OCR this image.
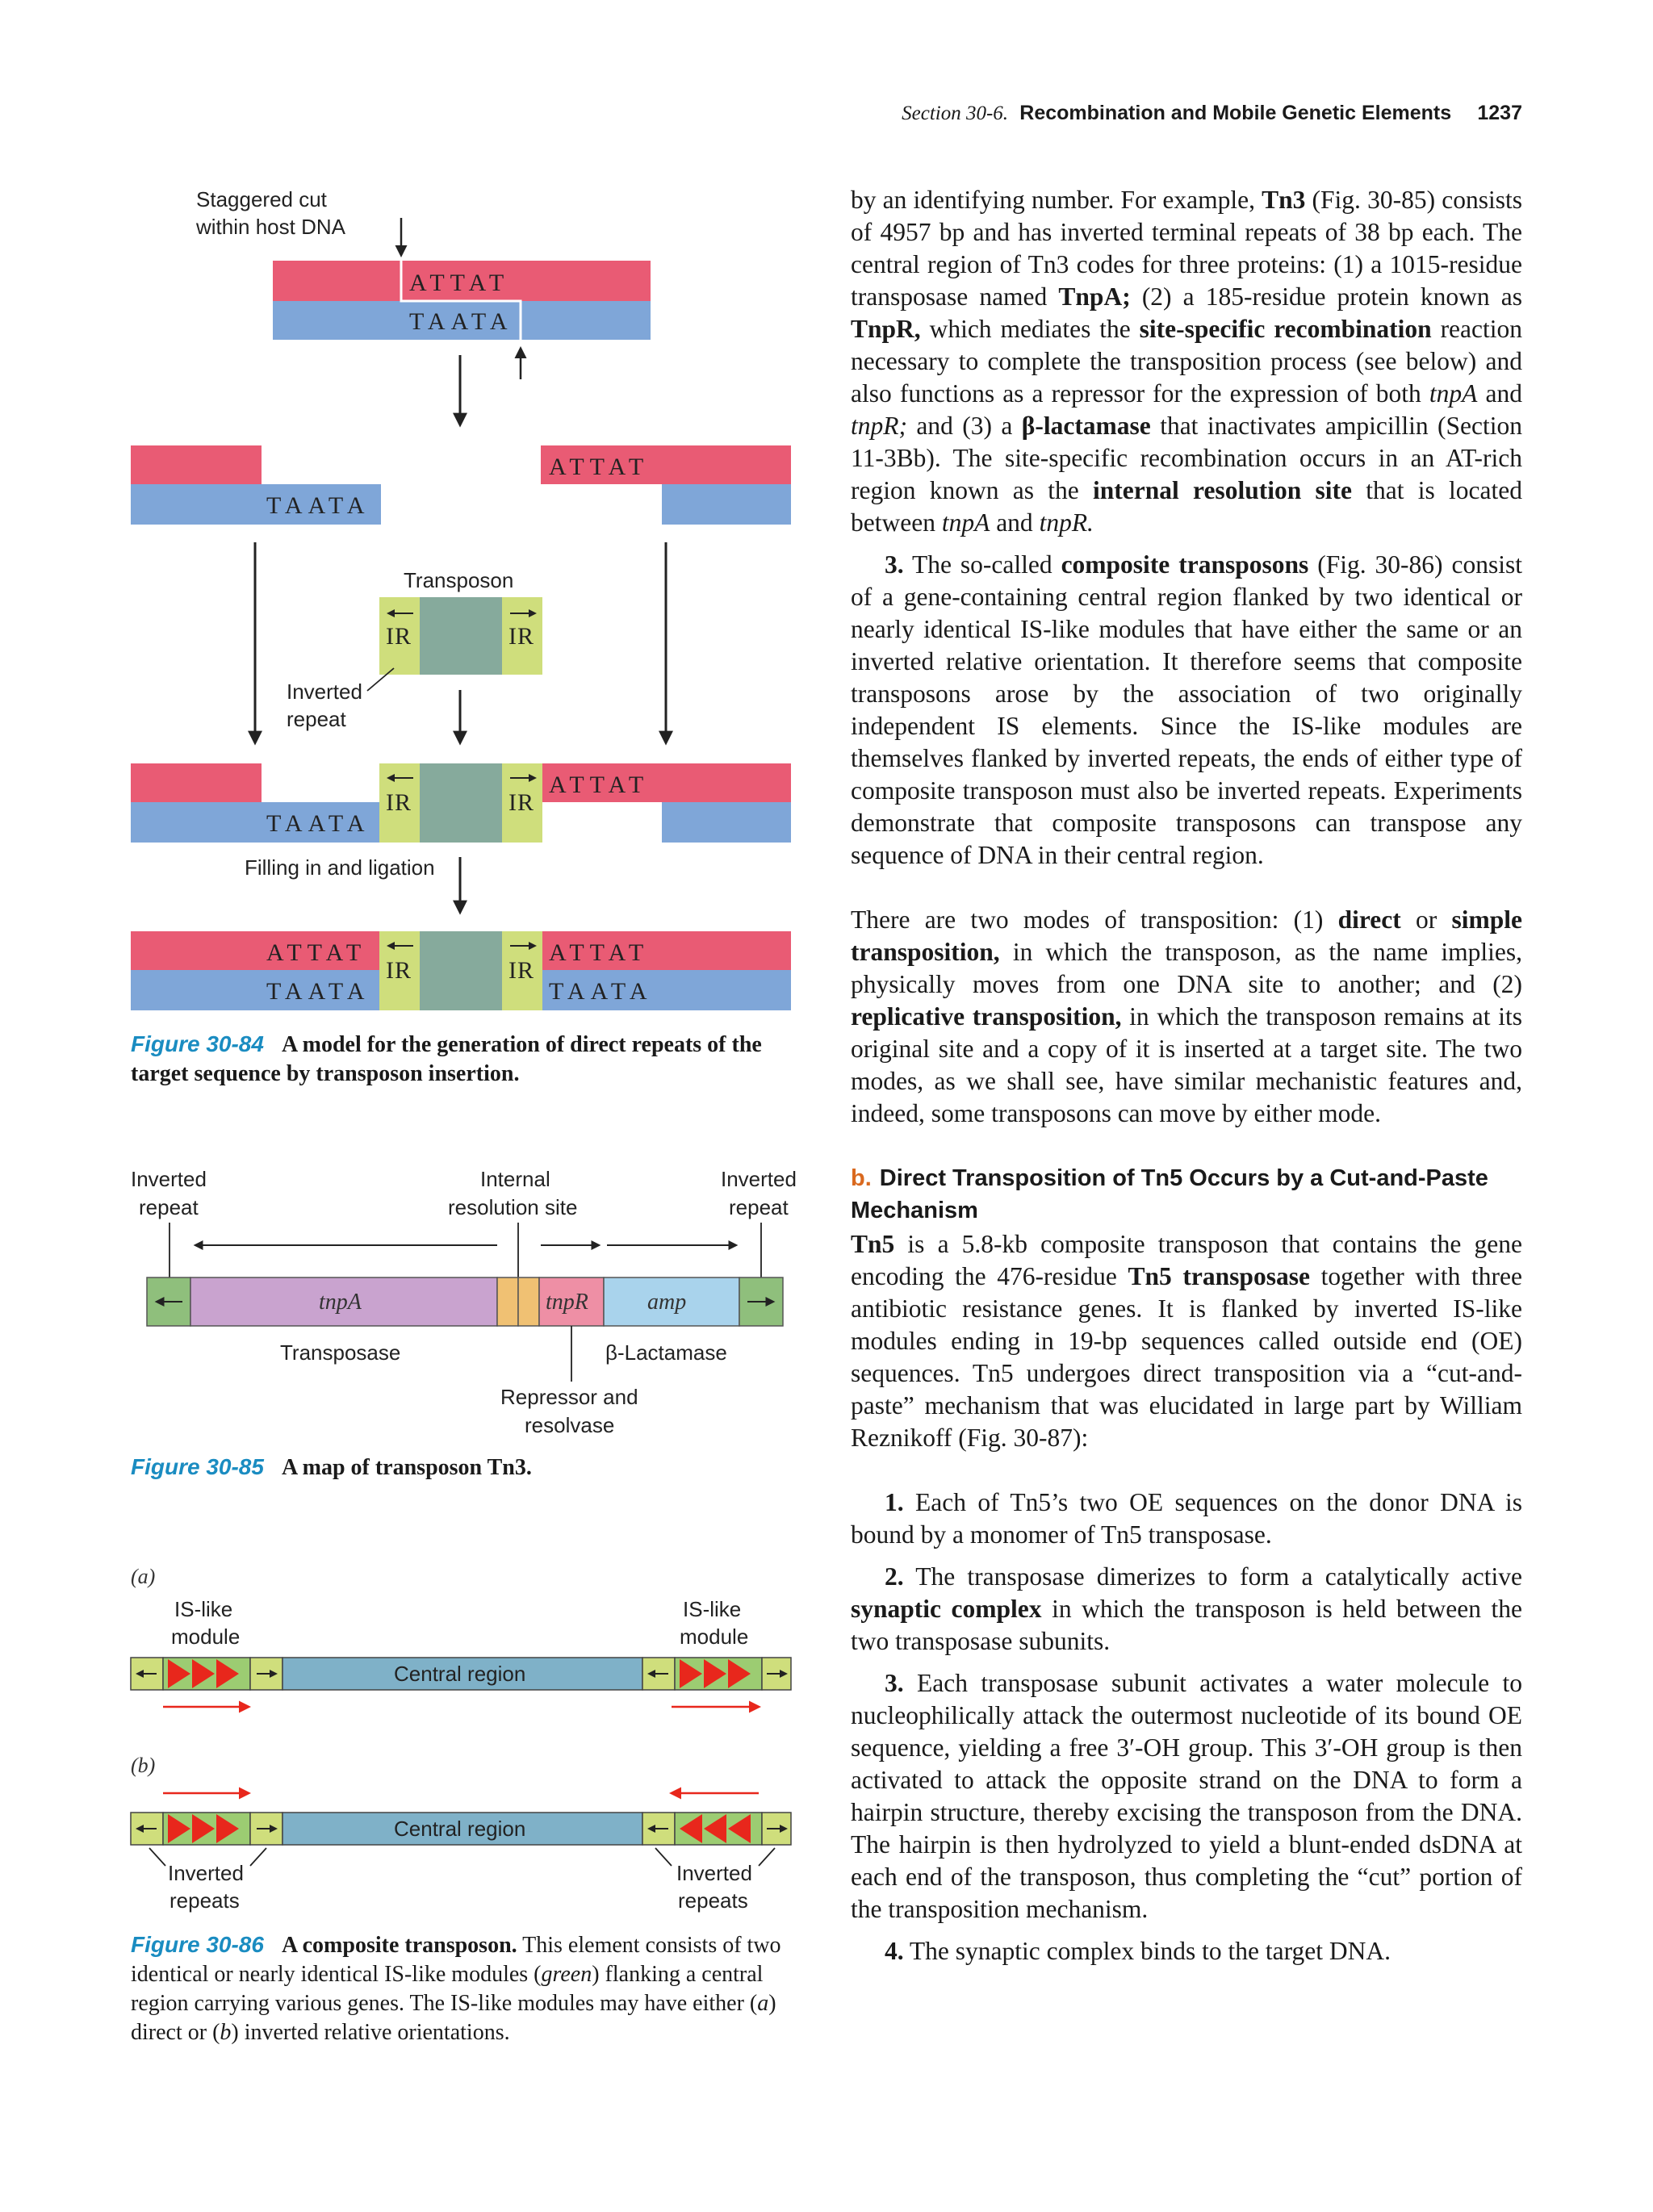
Section 30-6. Recombination and Mobile Genetic Elements 1237
Staggered cut
within host DNA
ATTAT
TAATA
TAATA
ATTAT
Transposon
IR	IR
Inverted
repeat
TAATA
IR	IR
ATTAT
Filling in and ligation
ATTAT
TAATA
IR	IR
ATTAT
TAATA
Figure 30-84 A model for the generation of direct repeats of the target sequence by transposon insertion.
Inverted
repeat
Internal
resolution site
Inverted
repeat
tnpA	tnpR	amp
Transposase	β-Lactamase
Repressor and
resolvase
Figure 30-85 A map of transposon Tn3.
(a)
IS-like
module
IS-like
module
Central region
(b)
Central region
Inverted
repeats
Inverted
repeats
Figure 30-86 A composite transposon. This element consists of two identical or nearly identical IS-like modules (green) flanking a central region carrying various genes. The IS-like modules may have either (a) direct or (b) inverted relative orientations.

by an identifying number. For example, Tn3 (Fig. 30-85) consists of 4957 bp and has inverted terminal repeats of 38 bp each. The central region of Tn3 codes for three proteins: (1) a 1015-residue transposase named TnpA; (2) a 185-residue protein known as TnpR, which mediates the site-specific recombination reaction necessary to complete the transposition process (see below) and also functions as a repressor for the expression of both tnpA and tnpR; and (3) a β-lactamase that inactivates ampicillin (Section 11-3Bb). The site-specific recombination occurs in an AT-rich region known as the internal resolution site that is located between tnpA and tnpR.

3. The so-called composite transposons (Fig. 30-86) consist of a gene-containing central region flanked by two identical or nearly identical IS-like modules that have either the same or an inverted relative orientation. It therefore seems that composite transposons arose by the association of two originally independent IS elements. Since the IS-like modules are themselves flanked by inverted repeats, the ends of either type of composite transposon must also be inverted repeats. Experiments demonstrate that composite transposons can transpose any sequence of DNA in their central region.

There are two modes of transposition: (1) direct or simple transposition, in which the transposon, as the name implies, physically moves from one DNA site to another; and (2) replicative transposition, in which the transposon remains at its original site and a copy of it is inserted at a target site. The two modes, as we shall see, have similar mechanistic features and, indeed, some transposons can move by either mode.

b. Direct Transposition of Tn5 Occurs by a Cut-and-Paste Mechanism

Tn5 is a 5.8-kb composite transposon that contains the gene encoding the 476-residue Tn5 transposase together with three antibiotic resistance genes. It is flanked by inverted IS-like modules ending in 19-bp sequences called outside end (OE) sequences. Tn5 undergoes direct transposition via a “cut-and-paste” mechanism that was elucidated in large part by William Reznikoff (Fig. 30-87):

1. Each of Tn5’s two OE sequences on the donor DNA is bound by a monomer of Tn5 transposase.

2. The transposase dimerizes to form a catalytically active synaptic complex in which the transposon is held between the two transposase subunits.

3. Each transposase subunit activates a water molecule to nucleophilically attack the outermost nucleotide of its bound OE sequence, yielding a free 3′-OH group. This 3′-OH group is then activated to attack the opposite strand on the DNA to form a hairpin structure, thereby excising the transposon from the DNA. The hairpin is then hydrolyzed to yield a blunt-ended dsDNA at each end of the transposon, thus completing the “cut” portion of the transposition mechanism.

4. The synaptic complex binds to the target DNA.
